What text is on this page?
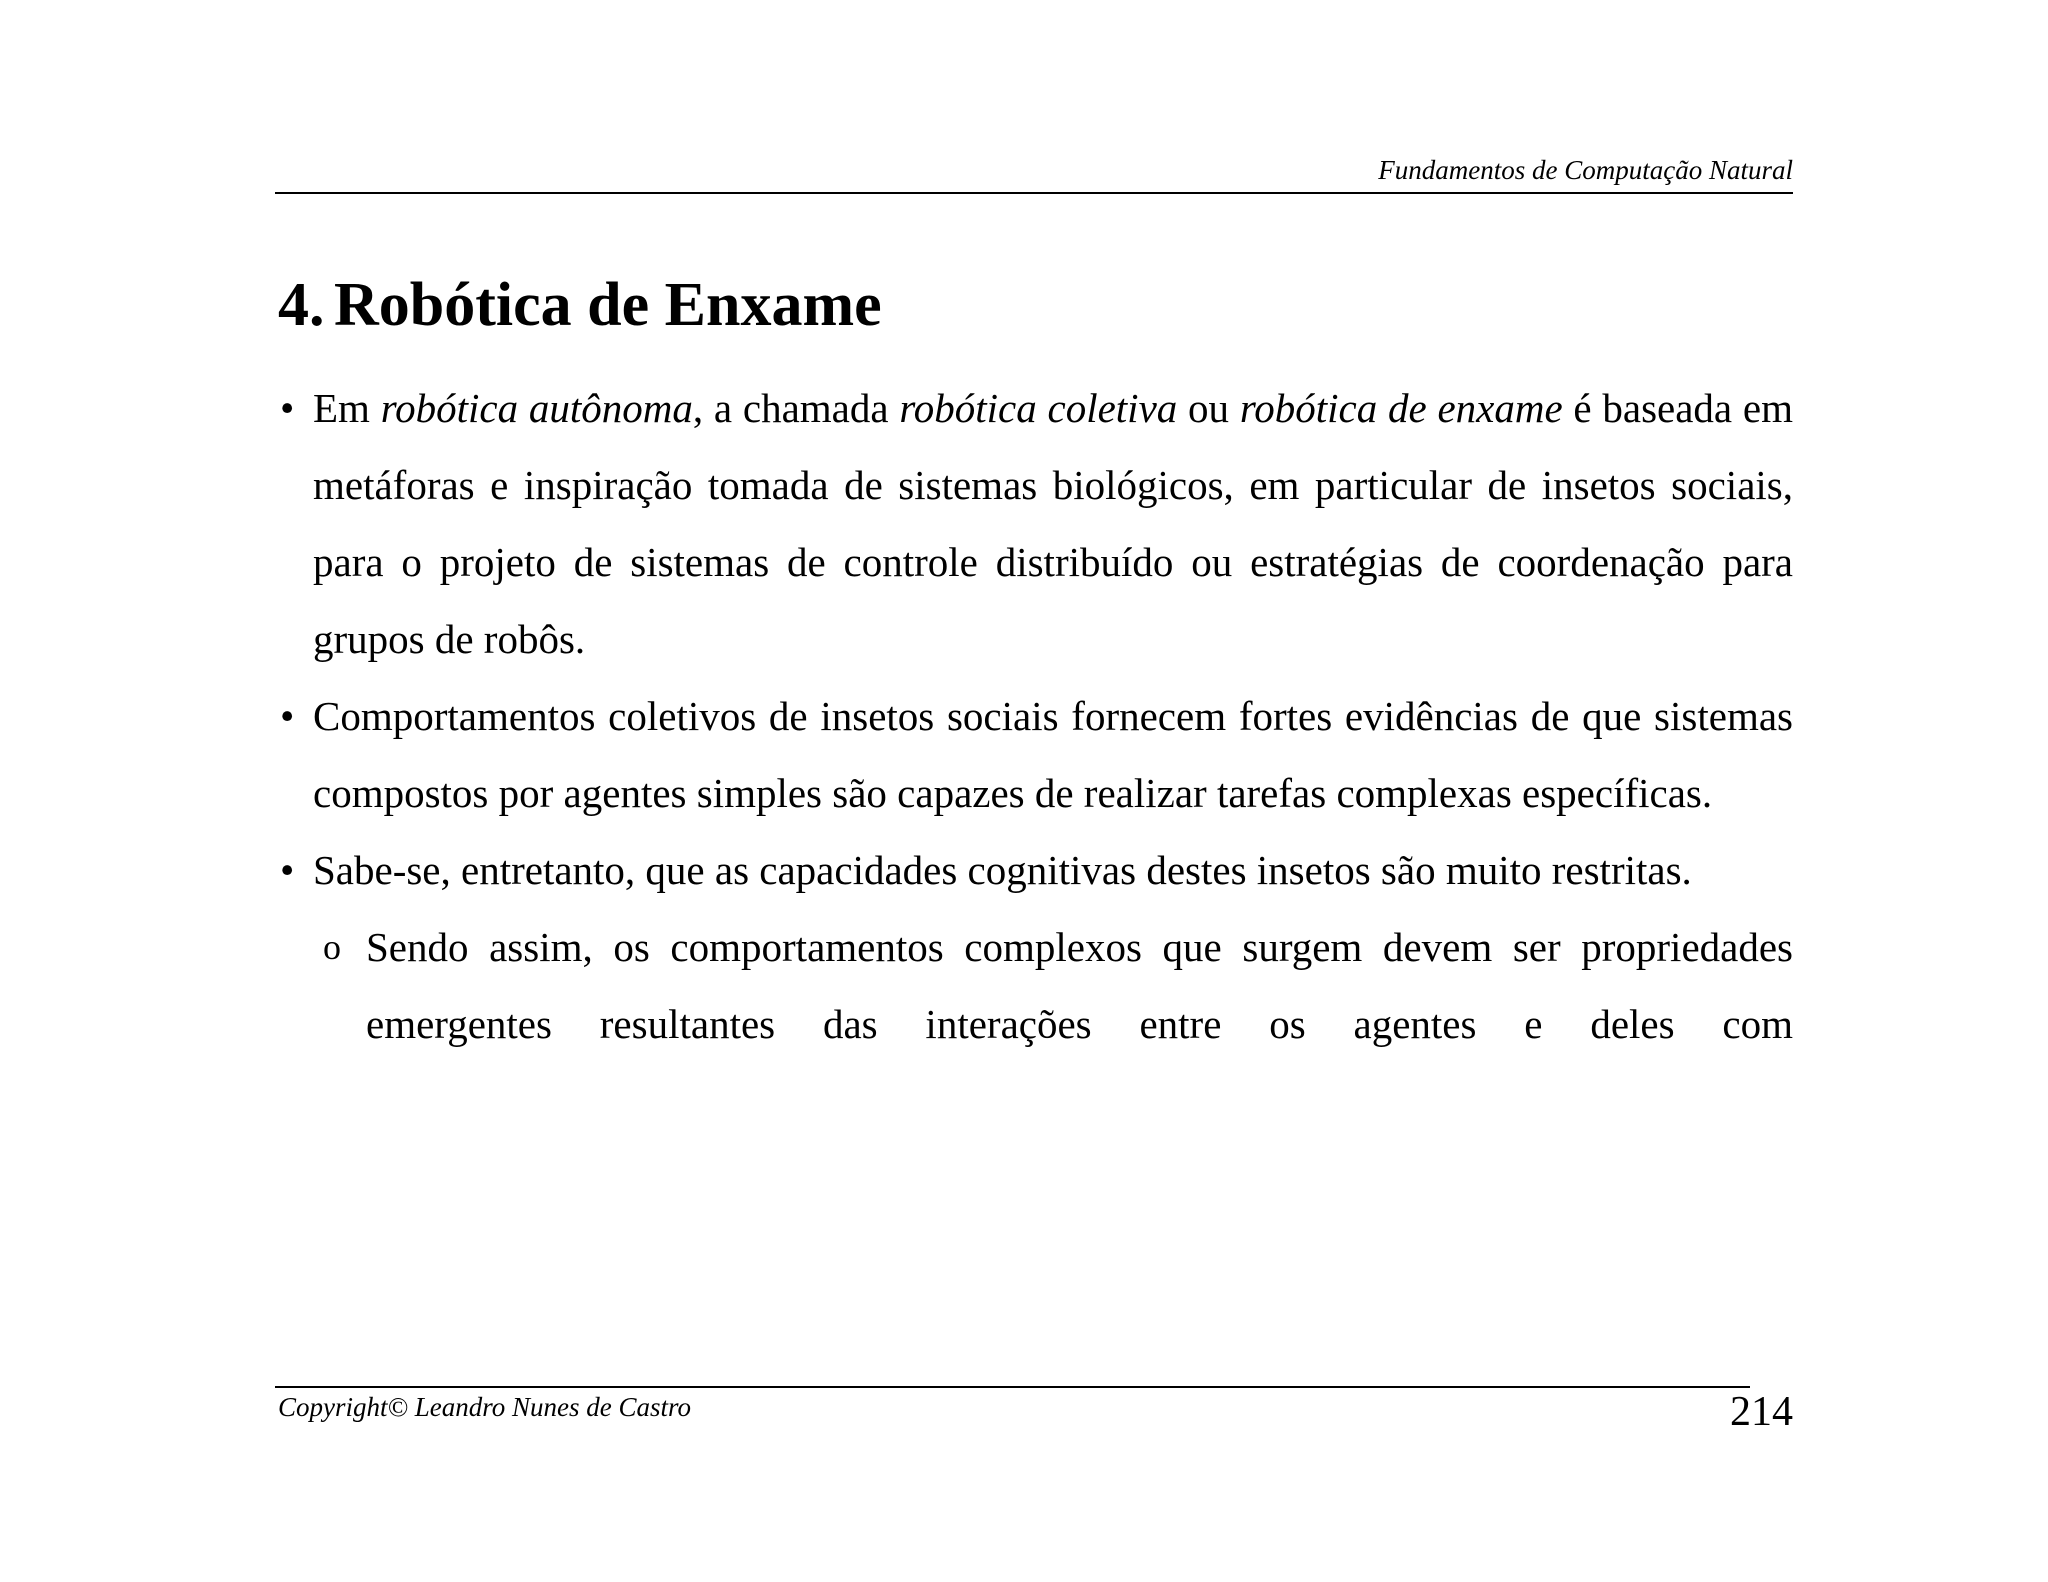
Fundamentos de Computação Natural
4. Robótica de Enxame
• Em robótica autônoma, a chamada robótica coletiva ou robótica de enxame é baseada em metáforas e inspiração tomada de sistemas biológicos, em particular de insetos sociais, para o projeto de sistemas de controle distribuído ou estratégias de coordenação para grupos de robôs.
• Comportamentos coletivos de insetos sociais fornecem fortes evidências de que sistemas compostos por agentes simples são capazes de realizar tarefas complexas específicas.
• Sabe-se, entretanto, que as capacidades cognitivas destes insetos são muito restritas.
o Sendo assim, os comportamentos complexos que surgem devem ser propriedades emergentes resultantes das interações entre os agentes e deles com
Copyright© Leandro Nunes de Castro	214
